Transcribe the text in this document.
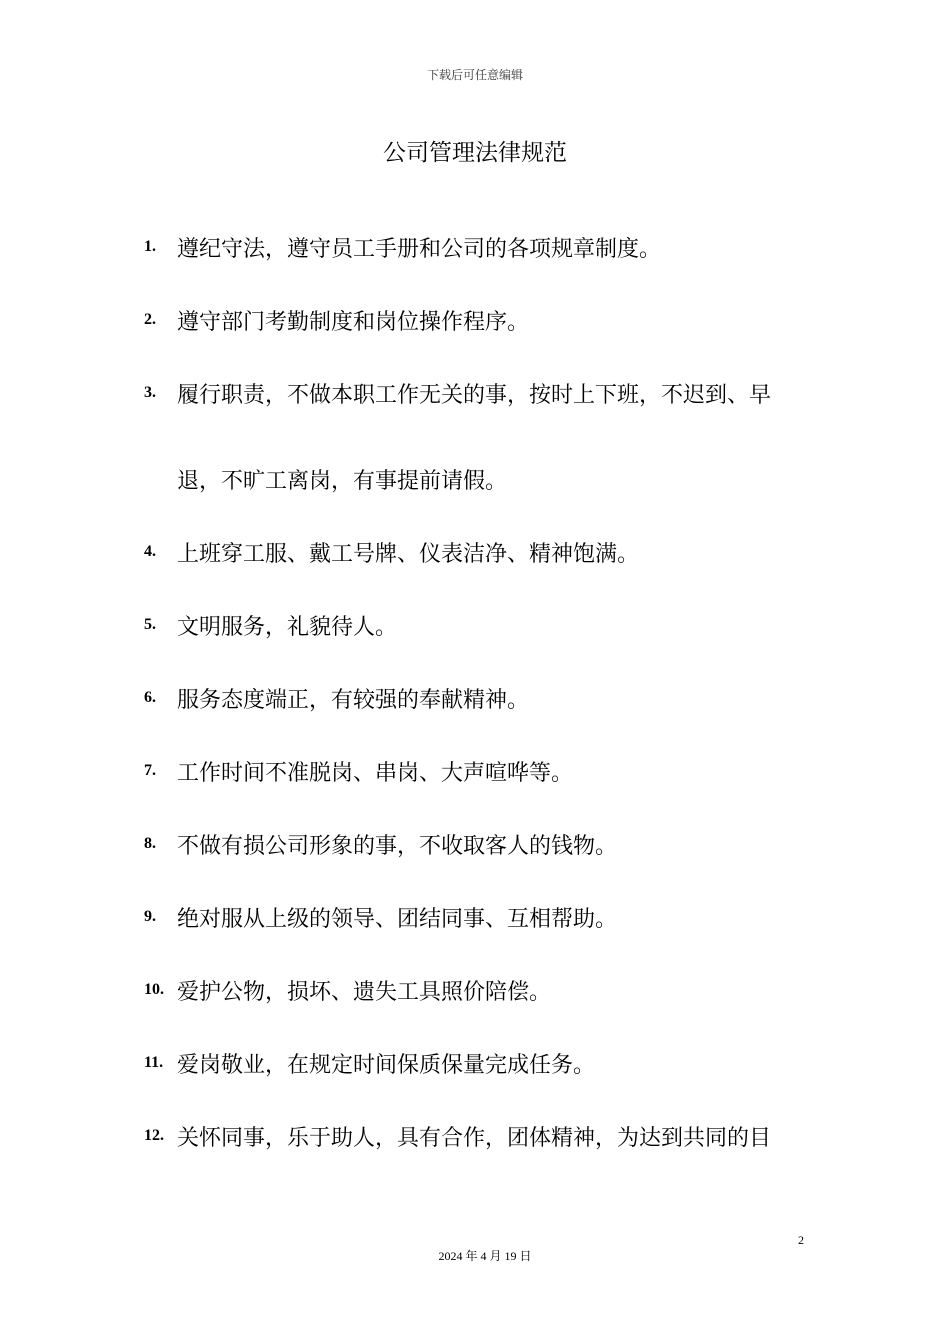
下载后可任意编辑
公司管理法律规范
1. 遵纪守法，遵守员工手册和公司的各项规章制度。
2. 遵守部门考勤制度和岗位操作程序。
3. 履行职责，不做本职工作无关的事，按时上下班，不迟到、早
退，不旷工离岗，有事提前请假。
4. 上班穿工服、戴工号牌、仪表洁净、精神饱满。
5. 文明服务，礼貌待人。
6. 服务态度端正，有较强的奉献精神。
7. 工作时间不准脱岗、串岗、大声喧哗等。
8. 不做有损公司形象的事，不收取客人的钱物。
9. 绝对服从上级的领导、团结同事、互相帮助。
10. 爱护公物，损坏、遗失工具照价陪偿。
11. 爱岗敬业，在规定时间保质保量完成任务。
12. 关怀同事，乐于助人，具有合作，团体精神，为达到共同的目
2
2024 年 4 月 19 日
